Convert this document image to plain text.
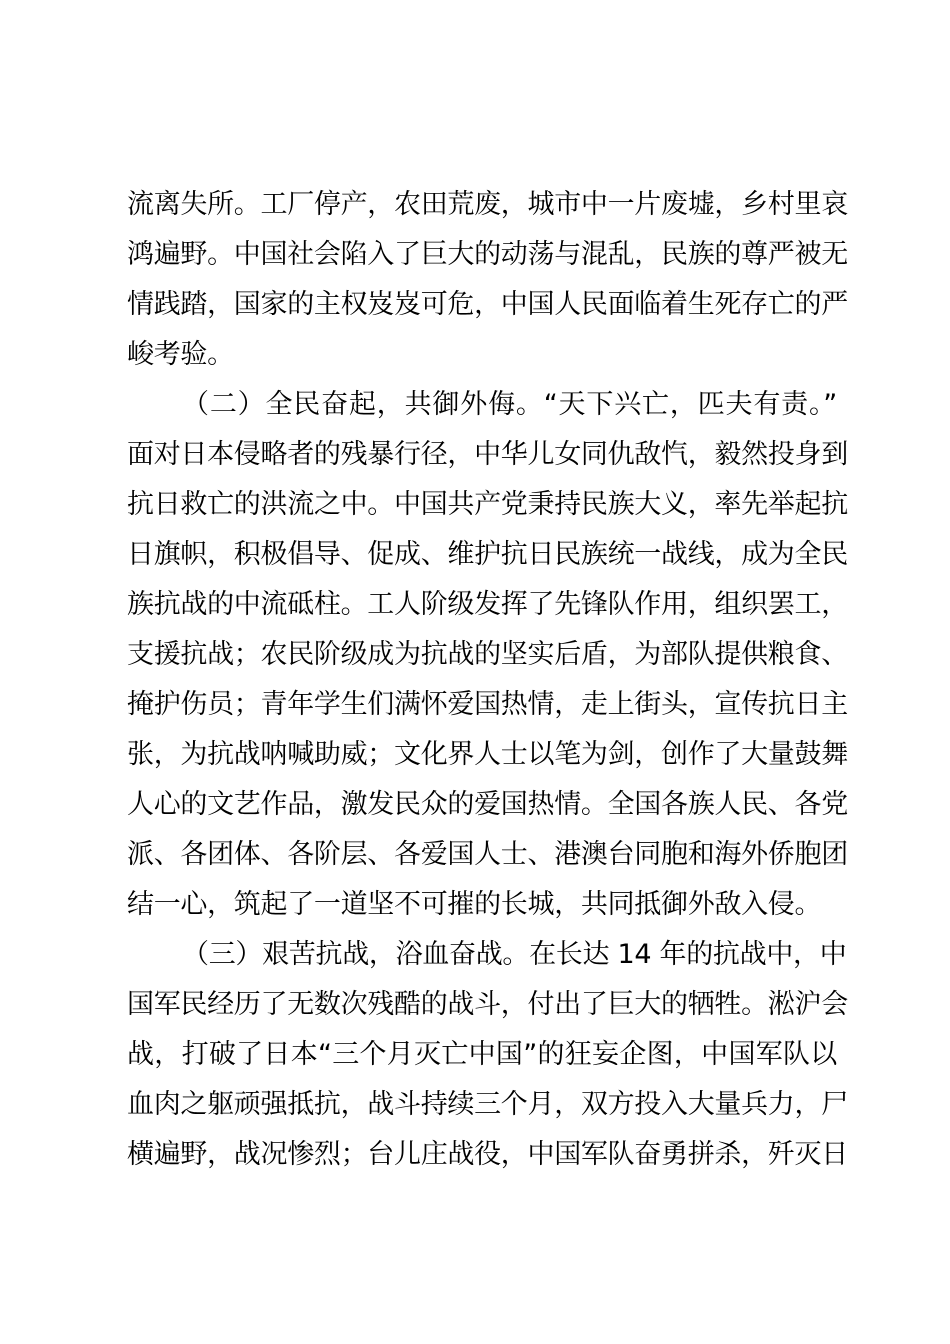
流离失所。工厂停产，农田荒废，城市中一片废墟，乡村里哀
鸿遍野。中国社会陷入了巨大的动荡与混乱，民族的尊严被无
情践踏，国家的主权岌岌可危，中国人民面临着生死存亡的严
峻考验。
（二）全民奋起，共御外侮。“天下兴亡，匹夫有责。”
面对日本侵略者的残暴行径，中华儿女同仇敌忾，毅然投身到
抗日救亡的洪流之中。中国共产党秉持民族大义，率先举起抗
日旗帜，积极倡导、促成、维护抗日民族统一战线，成为全民
族抗战的中流砥柱。工人阶级发挥了先锋队作用，组织罢工，
支援抗战；农民阶级成为抗战的坚实后盾，为部队提供粮食、
掩护伤员；青年学生们满怀爱国热情，走上街头，宣传抗日主
张，为抗战呐喊助威；文化界人士以笔为剑，创作了大量鼓舞
人心的文艺作品，激发民众的爱国热情。全国各族人民、各党
派、各团体、各阶层、各爱国人士、港澳台同胞和海外侨胞团
结一心，筑起了一道坚不可摧的长城，共同抵御外敌入侵。
（三）艰苦抗战，浴血奋战。在长达 14 年的抗战中，中
国军民经历了无数次残酷的战斗，付出了巨大的牺牲。淞沪会
战，打破了日本“三个月灭亡中国”的狂妄企图，中国军队以
血肉之躯顽强抵抗，战斗持续三个月，双方投入大量兵力，尸
横遍野，战况惨烈；台儿庄战役，中国军队奋勇拼杀，歼灭日
